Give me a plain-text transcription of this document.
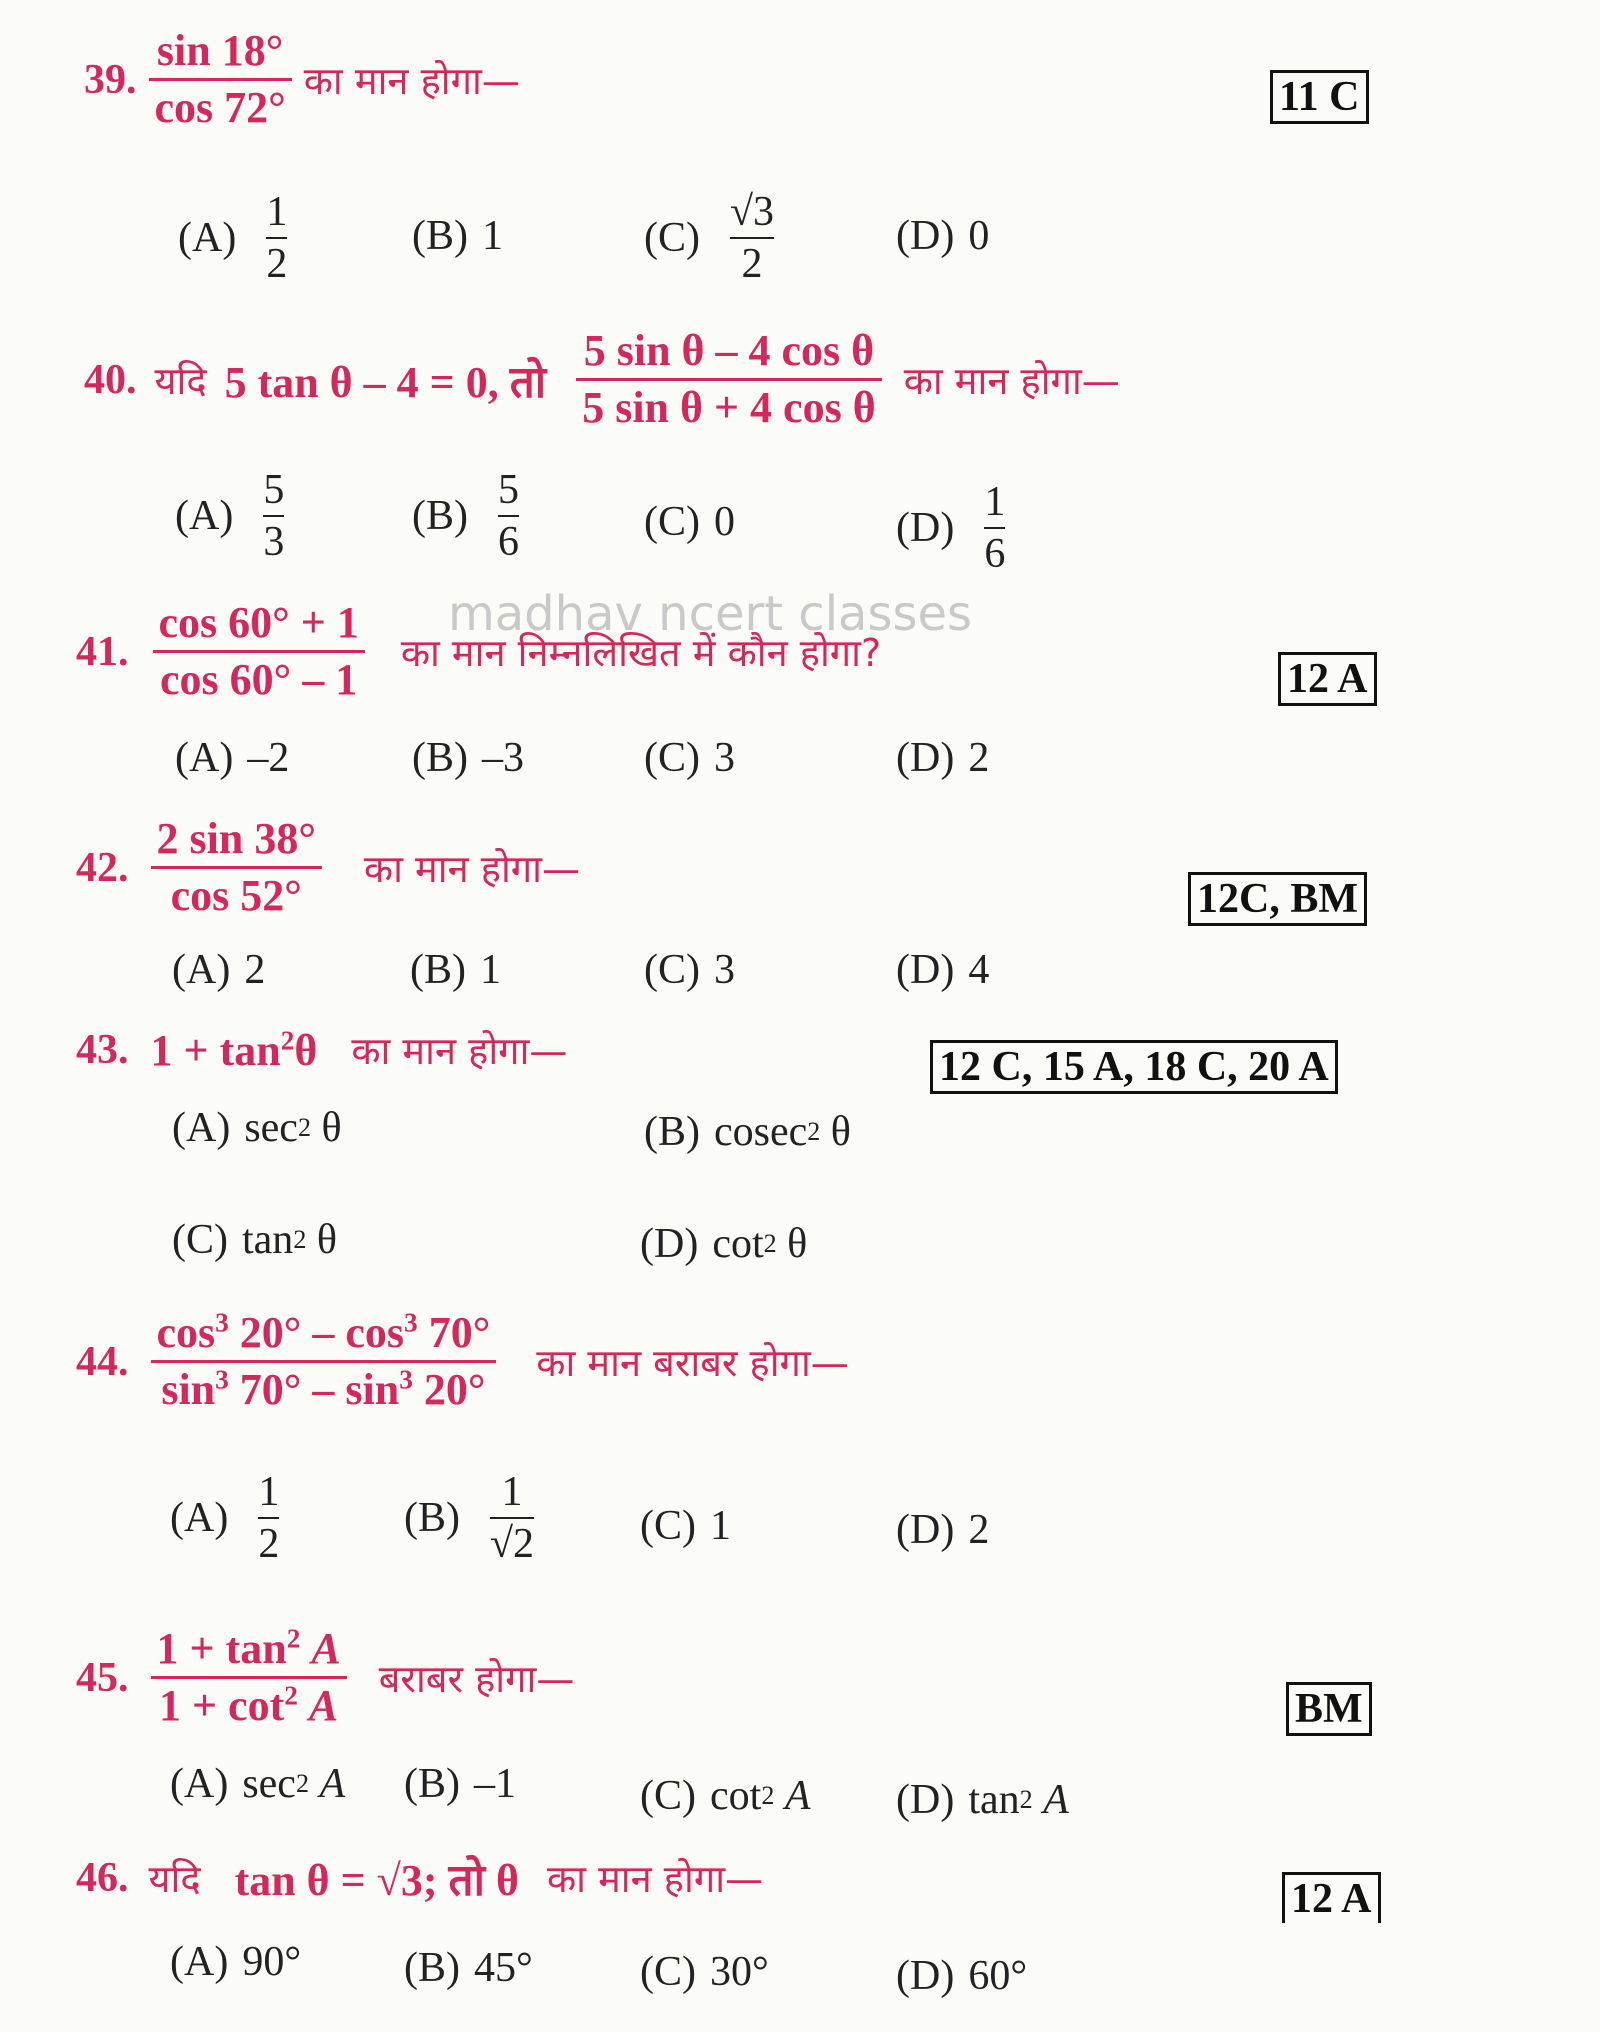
madhav ncert classes
39. $\frac{\sin 18^\circ}{\cos 72^\circ}$ का मान होगा—	11 C
$(A) \frac{1}{2}$	(B) 1	$(C) \frac{√3}{2}$	(D) 0
40. यदि 5 tan θ – 4 = 0, तो $\frac{\text{5 sin θ – 4 cos θ}}{\text{5 sin θ + 4 cos θ}}$ का मान होगा—
$(A) \frac{5}{3}$	$(B) \frac{5}{6}$	(C) 0	$(D) \frac{1}{6}$
41. $\frac{\cos 60^\circ + 1}{\cos 60^\circ - 1}$ का मान निम्नलिखित में कौन होगा?
12 A
(A) –2	(B) –3	(C) 3	(D) 2
42. $\frac{2 \sin 38^\circ}{\cos 52^\circ}$ का मान होगा—
12C, BM
(A) 2	(B) 1	(C) 3	(D) 4
43. $1 + \tan^2\theta$ का मान होगा—	12 C, 15 A, 18 C, 20 A
(A) sec 2
θ	(B) cosec 2
θ
(C) tan 2
θ	(D) cot 2
θ
44. $\frac{\cos^3 20^\circ - \cos^3 70^\circ}{\sin^3 70^\circ - \sin^3 20^\circ}$ का मान बराबर होगा—
$(A) \frac{1}{2}$	$(B) \frac{1}{√2}$	(C) 1	(D) 2
45. $\frac{1 + \tan^2 A}{1 + \cot^2 A}$ बराबर होगा—
BM
(A) sec 2
A (B) –1	(C) cot 2
A (D) tan 2
A
46. यदि tan θ = √3; तो θ का मान होगा—	12 A
(A) 90° (B) 45°	(C) 30°	(D) 60°
